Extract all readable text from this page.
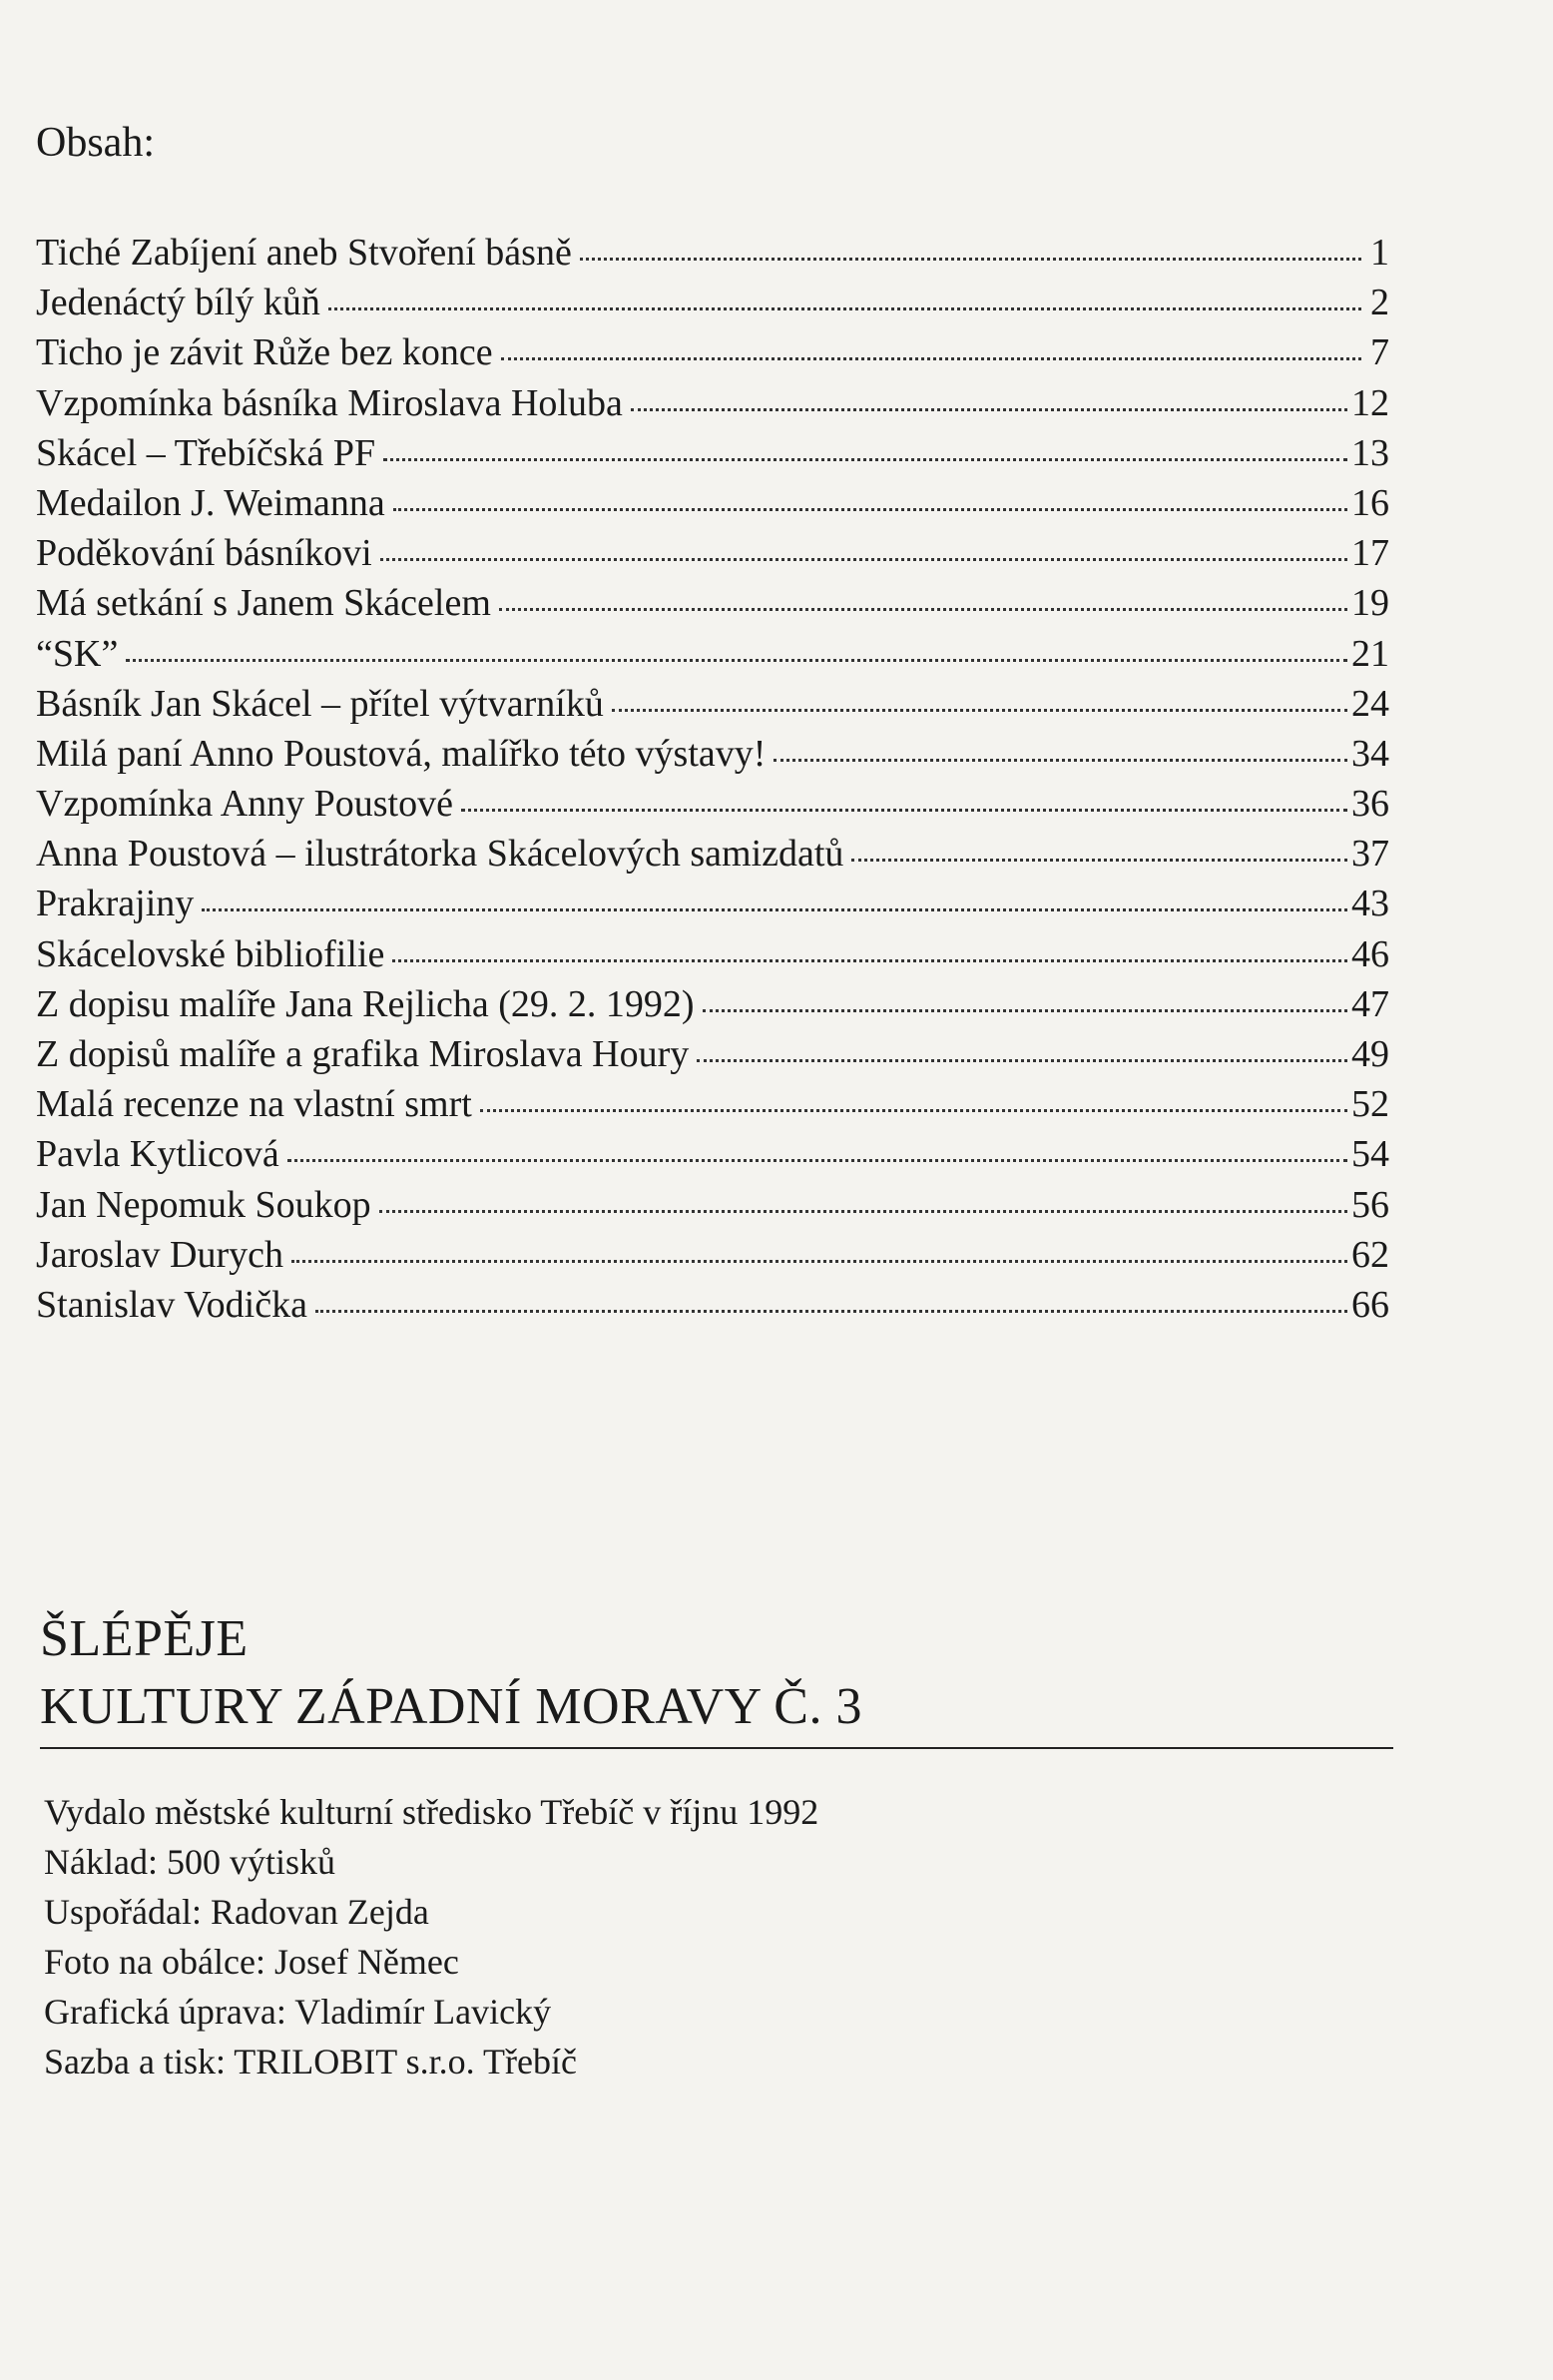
Obsah:
Tiché Zabíjení aneb Stvoření básně	1
Jedenáctý bílý kůň	2
Ticho je závit Růže bez konce	7
Vzpomínka básníka Miroslava Holuba	12
Skácel – Třebíčská PF	13
Medailon J. Weimanna	16
Poděkování básníkovi	17
Má setkání s Janem Skácelem	19
“SK”	21
Básník Jan Skácel – přítel výtvarníků	24
Milá paní Anno Poustová, malířko této výstavy!	34
Vzpomínka Anny Poustové	36
Anna Poustová – ilustrátorka Skácelových samizdatů	37
Prakrajiny	43
Skácelovské bibliofilie	46
Z dopisu malíře Jana Rejlicha (29. 2. 1992)	47
Z dopisů malíře a grafika Miroslava Houry	49
Malá recenze na vlastní smrt	52
Pavla Kytlicová	54
Jan Nepomuk Soukop	56
Jaroslav Durych	62
Stanislav Vodička	66
ŠLÉPĚJE
KULTURY ZÁPADNÍ MORAVY Č. 3
Vydalo městské kulturní středisko Třebíč v říjnu 1992
Náklad: 500 výtisků
Uspořádal: Radovan Zejda
Foto na obálce: Josef Němec
Grafická úprava: Vladimír Lavický
Sazba a tisk: TRILOBIT s.r.o. Třebíč
